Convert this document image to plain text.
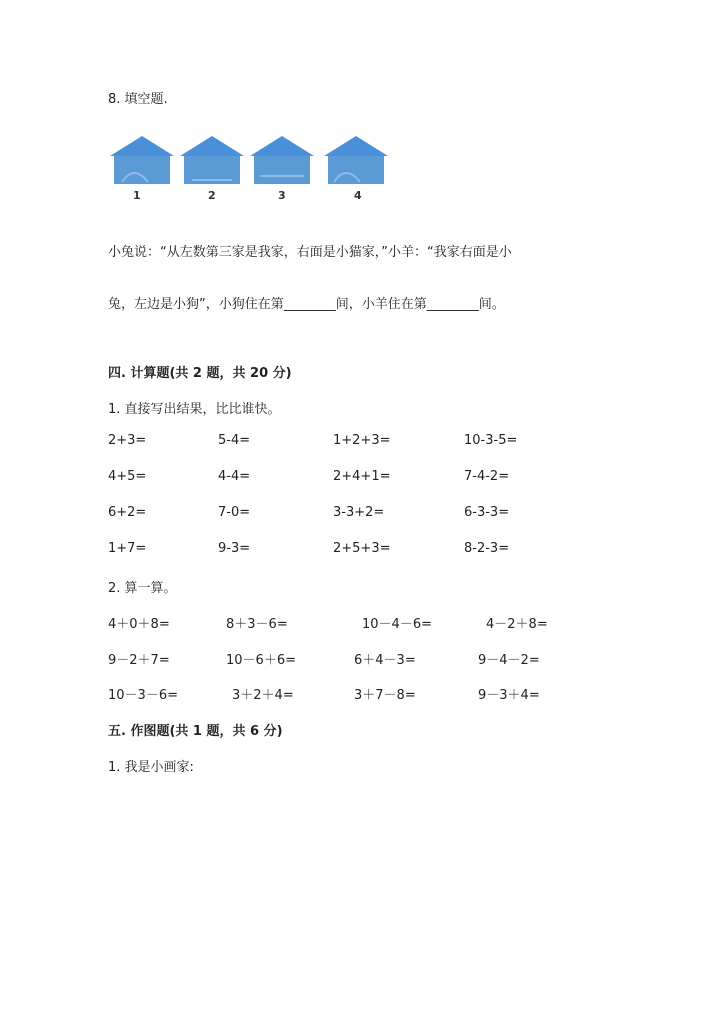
8. 填空题.
1	2	3	4
小兔说：“从左数第三家是我家，右面是小猫家，”小羊：“我家右面是小
兔，左边是小狗”，小狗住在第________间，小羊住在第________间。
四. 计算题(共 2 题，共 20 分)
1. 直接写出结果，比比谁快。
2+3=	5-4=	1+2+3=	10-3-5=
4+5=	4-4=	2+4+1=	7-4-2=
6+2=	7-0=	3-3+2=	6-3-3=
1+7=	9-3=	2+5+3=	8-2-3=
2. 算一算。
4＋0＋8=	8＋3－6=	10－4－6=	4－2＋8=
9－2＋7=	10－6＋6=	6＋4－3=	9－4－2=
10－3－6=	3＋2＋4=	3＋7－8=	9－3＋4=
五. 作图题(共 1 题，共 6 分)
1. 我是小画家:
